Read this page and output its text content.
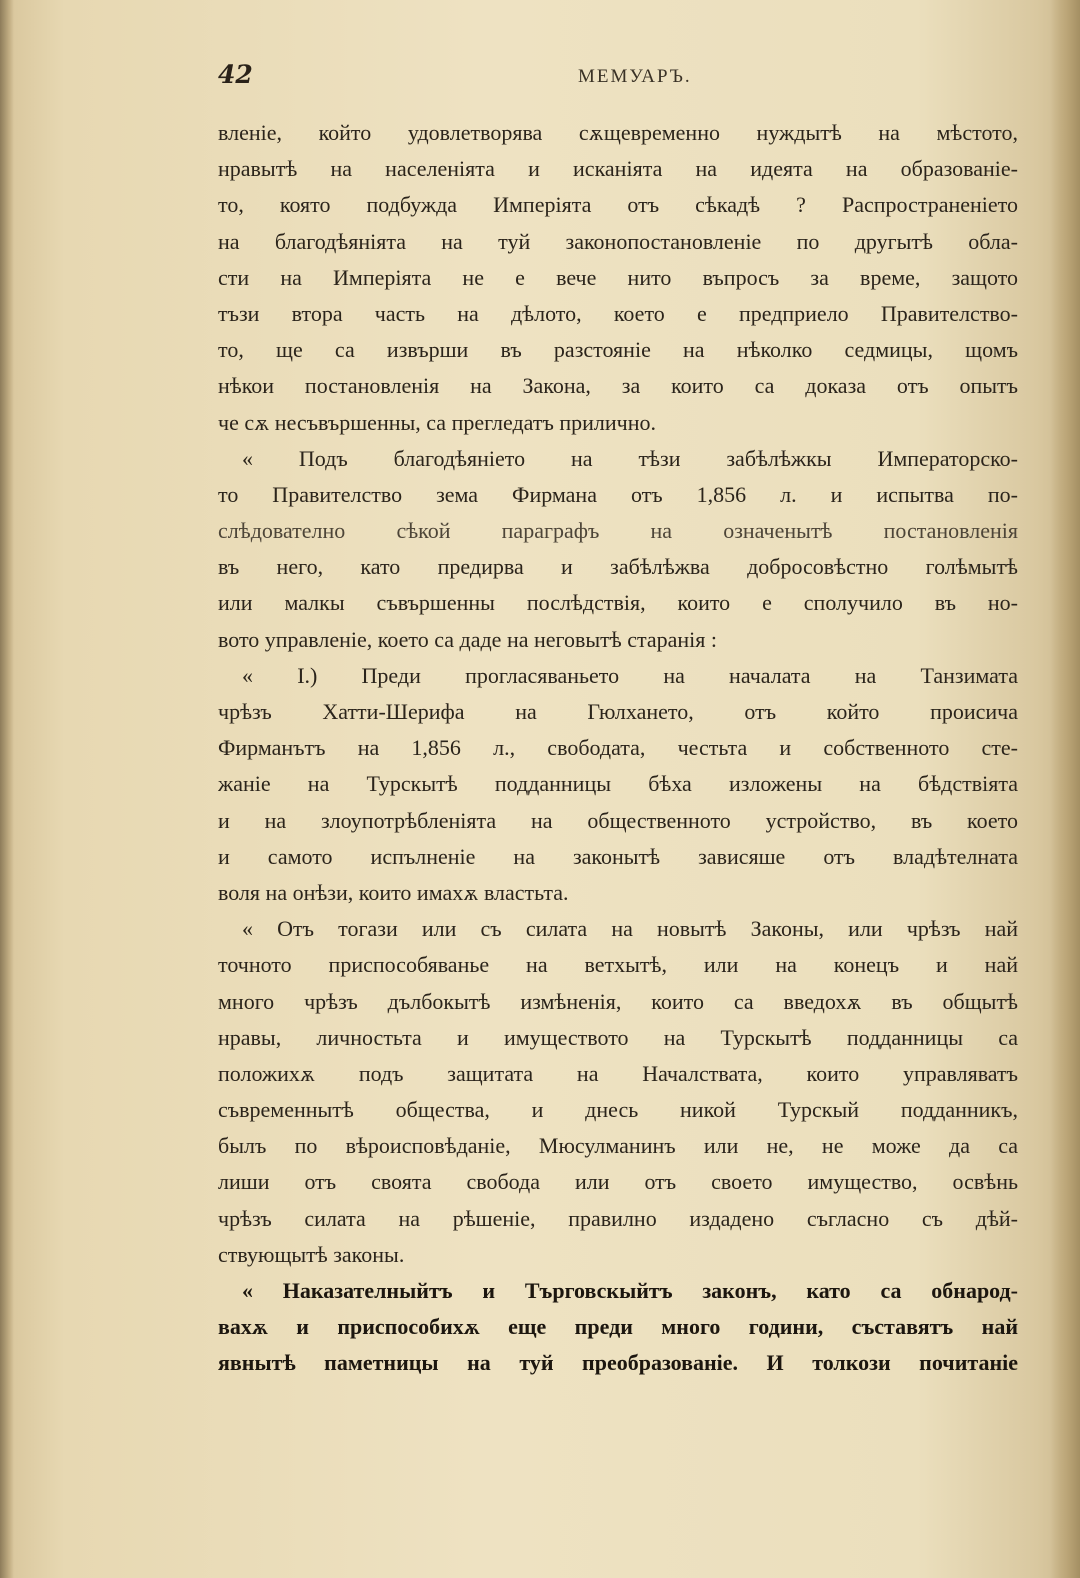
42	МЕМУАРЪ.
вленіе, който удовлетворява сѫщевременно нуждытѣ на мѣстото,
нравытѣ на населенiята и исканiята на идеята на образованiе-
то, която подбужда Имперiята отъ сѣкадѣ ? Распространенiето
на благодѣянiята на туй законопостановленiе по другытѣ обла-
сти на Имперiята не е вече нито въпросъ за време, защото
тъзи втора часть на дѣлото, което е предприело Правителство-
то, ще са извърши въ разстоянiе на нѣколко седмицы, щомъ
нѣкои постановленiя на Закона, за които са доказа отъ опытъ
че сѫ несъвършенны, са прегледатъ прилично.
« Подъ благодѣянiето на тѣзи забѣлѣжкы Императорско-
то Правителство зема Фирмана отъ 1,856 л. и испытва по-
слѣдователно сѣкой параграфъ на означенытѣ постановленiя
въ него, като предирва и забѣлѣжва добросовѣстно голѣмытѣ
или малкы съвършенны послѣдствiя, които е сполучило въ но-
вото управленiе, което са даде на неговытѣ старанiя :
« I.) Преди прогласяваньето на началата на Танзимата
чрѣзъ Хатти-Шерифа на Гюлхането, отъ който происича
Фирманътъ на 1,856 л., свободата, честьта и собственното сте-
жанiе на Турскытѣ подданницы бѣха изложены на бѣдствiята
и на злоупотрѣбленiята на общественното устройство, въ което
и самото испълненiе на законытѣ зависяше отъ владѣтелната
воля на онѣзи, които имахѫ властьта.
« Отъ тогази или съ силата на новытѣ Законы, или чрѣзъ най
точното приспособяванье на ветхытѣ, или на конецъ и най
много чрѣзъ дълбокытѣ измѣненiя, които са введохѫ въ общытѣ
нравы, личностьта и имуществото на Турскытѣ подданницы са
положихѫ подъ защитата на Началствата, които управляватъ
съвременнытѣ общества, и днесь никой Турскый подданникъ,
былъ по вѣроисповѣданiе, Мюсулманинъ или не, не може да са
лиши отъ своята свобода или отъ своето имущество, освѣнь
чрѣзъ силата на рѣшенiе, правилно издадено съгласно съ дѣй-
ствующытѣ законы.
« Наказателныйтъ и Търговскыйтъ законъ, като са обнарод-
вахѫ и приспособихѫ еще преди много години, съставятъ най
явнытѣ паметницы на туй преобразованiе. И толкози почитанiе
